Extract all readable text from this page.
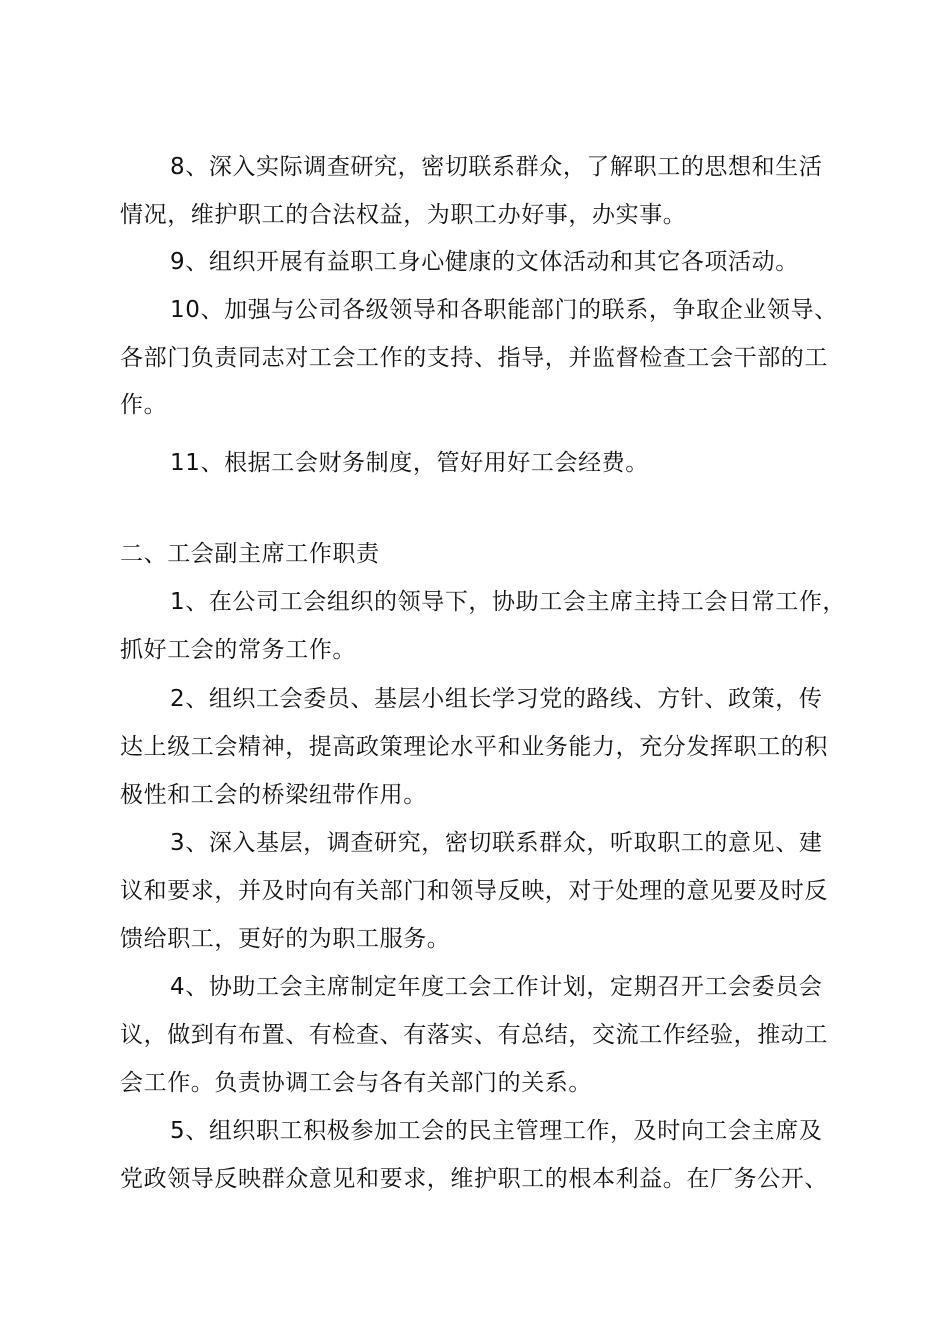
8、深入实际调查研究，密切联系群众，了解职工的思想和生活
情况，维护职工的合法权益，为职工办好事，办实事。
9、组织开展有益职工身心健康的文体活动和其它各项活动。
10、加强与公司各级领导和各职能部门的联系，争取企业领导、
各部门负责同志对工会工作的支持、指导，并监督检查工会干部的工
作。
11、根据工会财务制度，管好用好工会经费。
二、工会副主席工作职责
1、在公司工会组织的领导下，协助工会主席主持工会日常工作，
抓好工会的常务工作。
2、组织工会委员、基层小组长学习党的路线、方针、政策，传
达上级工会精神，提高政策理论水平和业务能力，充分发挥职工的积
极性和工会的桥梁纽带作用。
3、深入基层，调查研究，密切联系群众，听取职工的意见、建
议和要求，并及时向有关部门和领导反映，对于处理的意见要及时反
馈给职工，更好的为职工服务。
4、协助工会主席制定年度工会工作计划，定期召开工会委员会
议，做到有布置、有检查、有落实、有总结，交流工作经验，推动工
会工作。负责协调工会与各有关部门的关系。
5、组织职工积极参加工会的民主管理工作，及时向工会主席及
党政领导反映群众意见和要求，维护职工的根本利益。在厂务公开、
